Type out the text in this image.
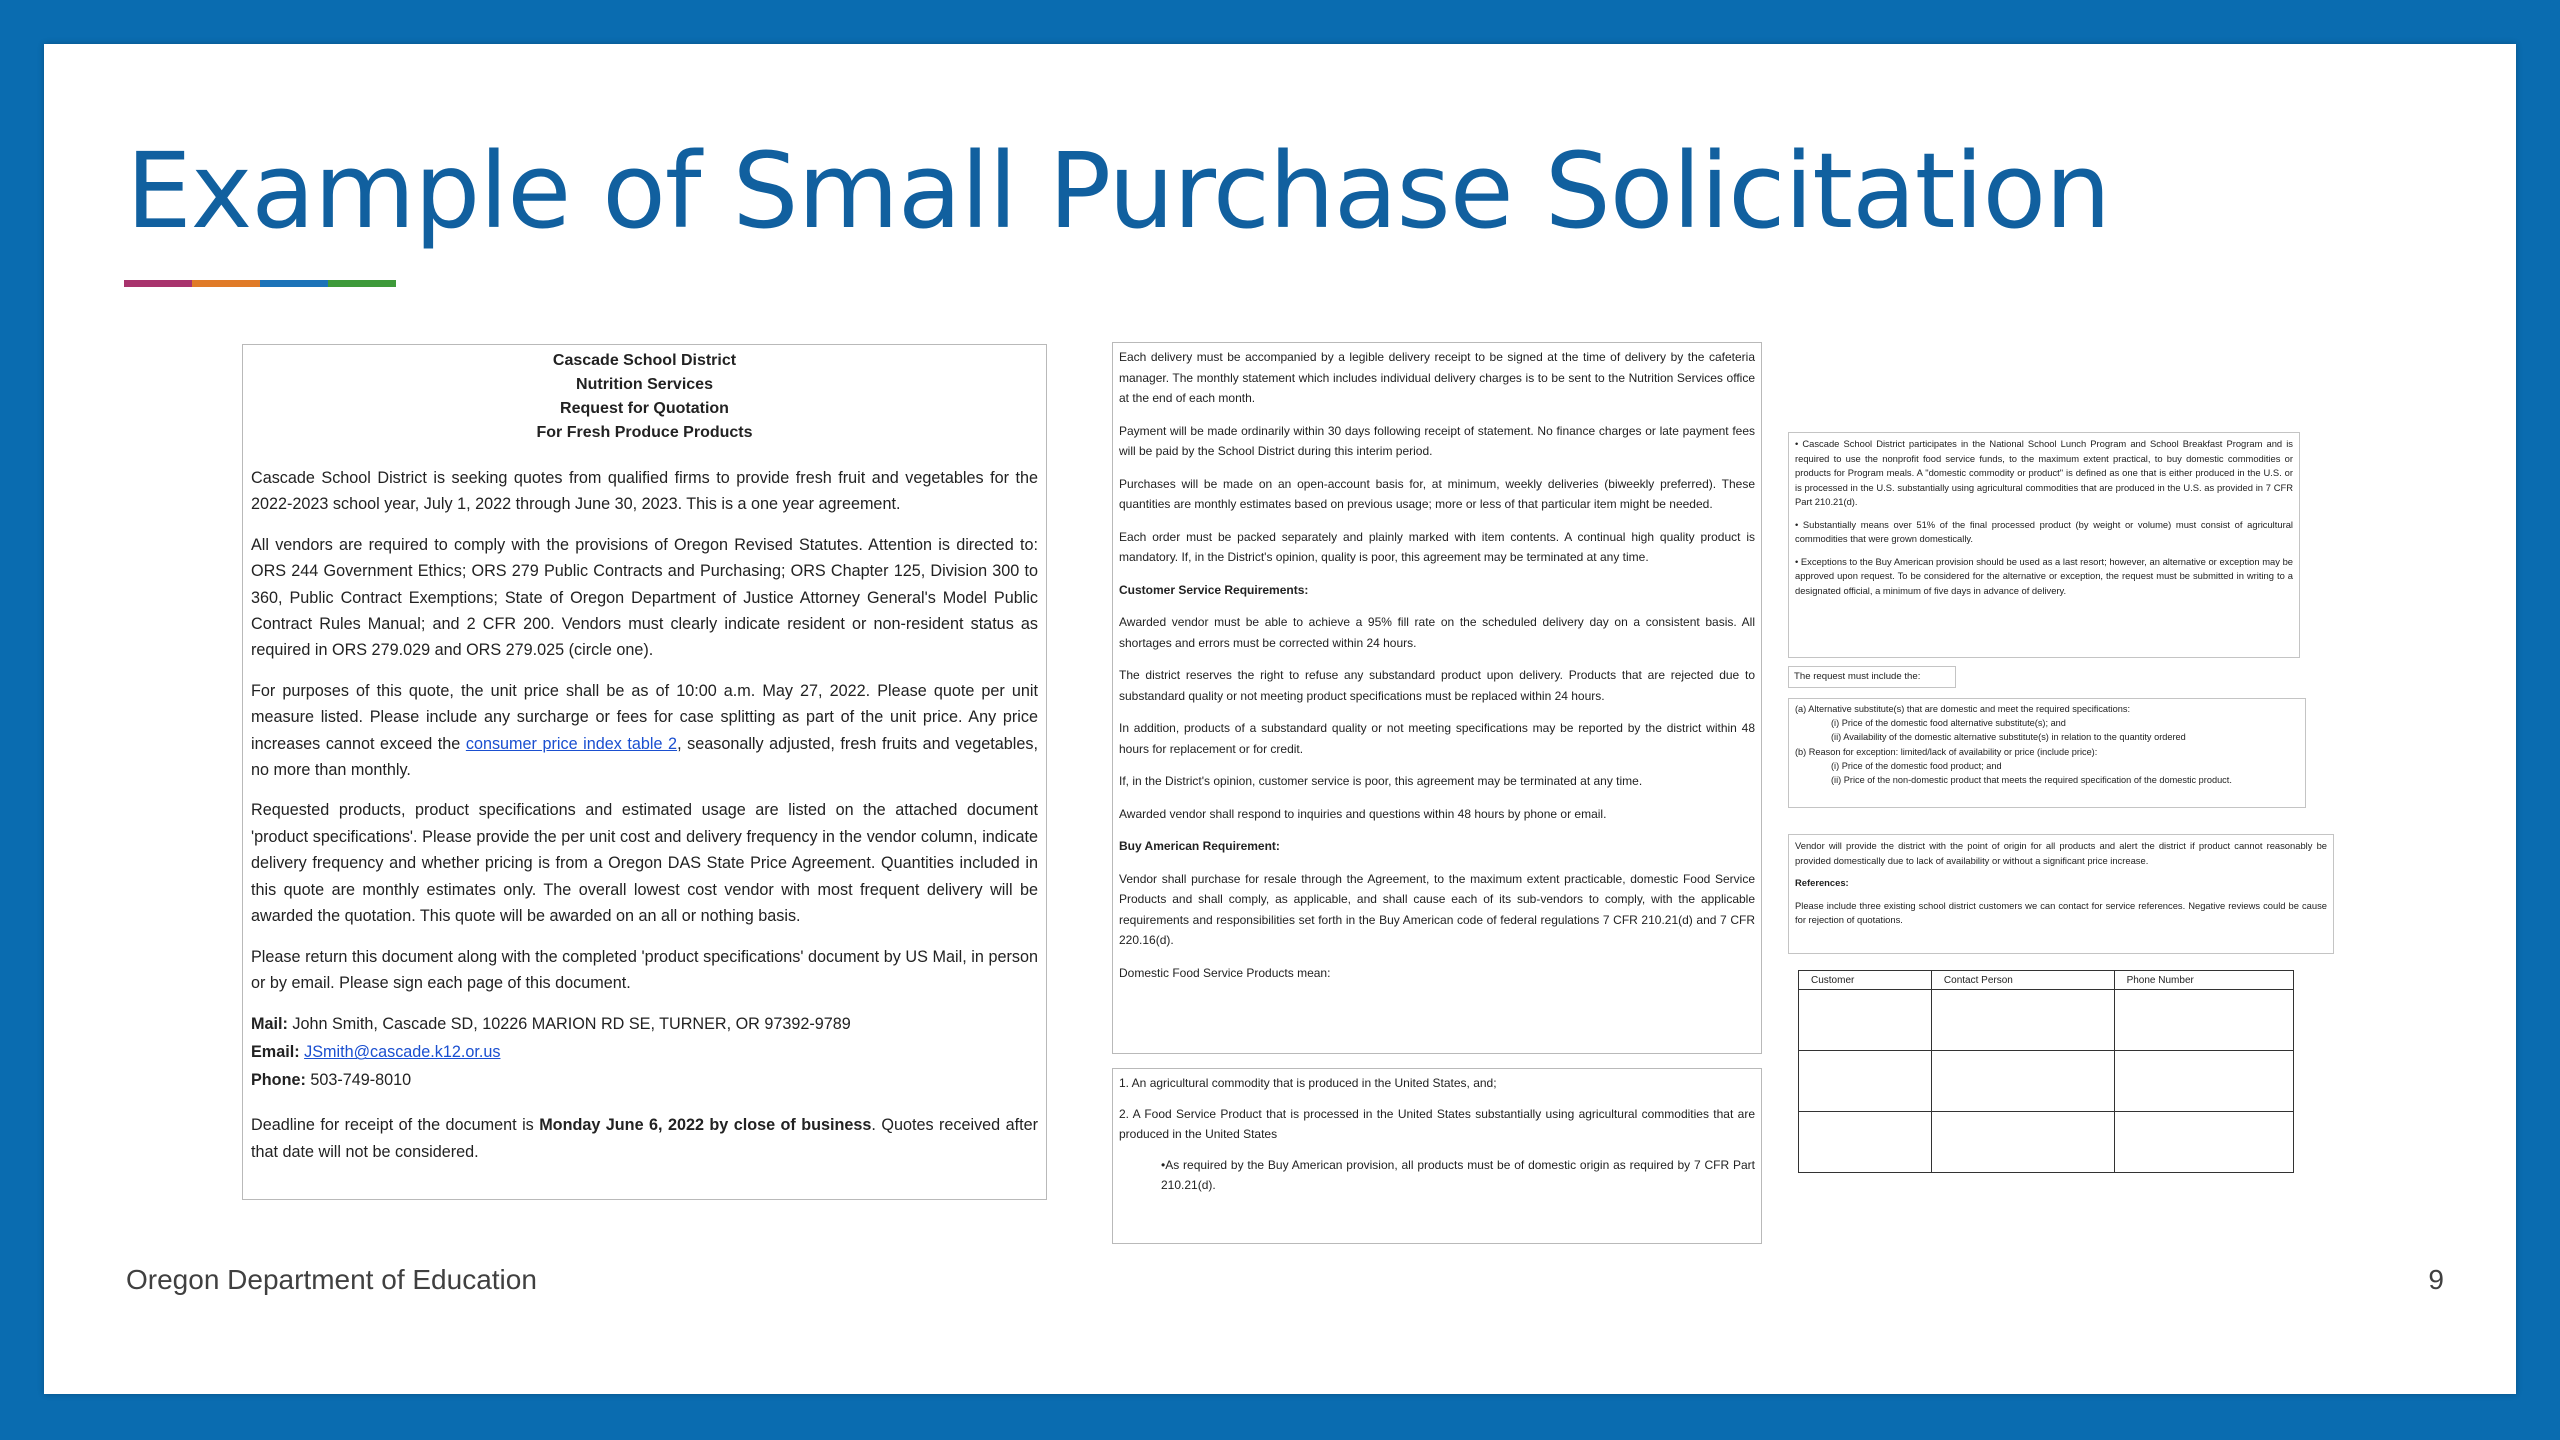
Example of Small Purchase Solicitation
Cascade School District
Nutrition Services
Request for Quotation
For Fresh Produce Products

Cascade School District is seeking quotes from qualified firms to provide fresh fruit and vegetables for the 2022-2023 school year, July 1, 2022 through June 30, 2023. This is a one year agreement.

All vendors are required to comply with the provisions of Oregon Revised Statutes. Attention is directed to: ORS 244 Government Ethics; ORS 279 Public Contracts and Purchasing; ORS Chapter 125, Division 300 to 360, Public Contract Exemptions; State of Oregon Department of Justice Attorney General's Model Public Contract Rules Manual; and 2 CFR 200. Vendors must clearly indicate resident or non-resident status as required in ORS 279.029 and ORS 279.025 (circle one).

For purposes of this quote, the unit price shall be as of 10:00 a.m. May 27, 2022. Please quote per unit measure listed. Please include any surcharge or fees for case splitting as part of the unit price. Any price increases cannot exceed the consumer price index table 2, seasonally adjusted, fresh fruits and vegetables, no more than monthly.

Requested products, product specifications and estimated usage are listed on the attached document 'product specifications'. Please provide the per unit cost and delivery frequency in the vendor column, indicate delivery frequency and whether pricing is from a Oregon DAS State Price Agreement. Quantities included in this quote are monthly estimates only. The overall lowest cost vendor with most frequent delivery will be awarded the quotation. This quote will be awarded on an all or nothing basis.

Please return this document along with the completed 'product specifications' document by US Mail, in person or by email. Please sign each page of this document.

Mail: John Smith, Cascade SD, 10226 MARION RD SE, TURNER, OR 97392-9789
Email: JSmith@cascade.k12.or.us
Phone: 503-749-8010

Deadline for receipt of the document is Monday June 6, 2022 by close of business. Quotes received after that date will not be considered.

Each delivery must be accompanied by a legible delivery receipt to be signed at the time of delivery by the cafeteria manager. The monthly statement which includes individual delivery charges is to be sent to the Nutrition Services office at the end of each month.

Payment will be made ordinarily within 30 days following receipt of statement. No finance charges or late payment fees will be paid by the School District during this interim period.

Purchases will be made on an open-account basis for, at minimum, weekly deliveries (biweekly preferred). These quantities are monthly estimates based on previous usage; more or less of that particular item might be needed.

Each order must be packed separately and plainly marked with item contents. A continual high quality product is mandatory. If, in the District's opinion, quality is poor, this agreement may be terminated at any time.

Customer Service Requirements:

Awarded vendor must be able to achieve a 95% fill rate on the scheduled delivery day on a consistent basis. All shortages and errors must be corrected within 24 hours.

The district reserves the right to refuse any substandard product upon delivery. Products that are rejected due to substandard quality or not meeting product specifications must be replaced within 24 hours.

In addition, products of a substandard quality or not meeting specifications may be reported by the district within 48 hours for replacement or for credit.

If, in the District's opinion, customer service is poor, this agreement may be terminated at any time.

Awarded vendor shall respond to inquiries and questions within 48 hours by phone or email.

Buy American Requirement:

Vendor shall purchase for resale through the Agreement, to the maximum extent practicable, domestic Food Service Products and shall comply, as applicable, and shall cause each of its sub-vendors to comply, with the applicable requirements and responsibilities set forth in the Buy American code of federal regulations 7 CFR 210.21(d) and 7 CFR 220.16(d).

Domestic Food Service Products mean:

1. An agricultural commodity that is produced in the United States, and;

2. A Food Service Product that is processed in the United States substantially using agricultural commodities that are produced in the United States

•As required by the Buy American provision, all products must be of domestic origin as required by 7 CFR Part 210.21(d).

• Cascade School District participates in the National School Lunch Program and School Breakfast Program and is required to use the nonprofit food service funds, to the maximum extent practical, to buy domestic commodities or products for Program meals. A "domestic commodity or product" is defined as one that is either produced in the U.S. or is processed in the U.S. substantially using agricultural commodities that are produced in the U.S. as provided in 7 CFR Part 210.21(d).

• Substantially means over 51% of the final processed product (by weight or volume) must consist of agricultural commodities that were grown domestically.

• Exceptions to the Buy American provision should be used as a last resort; however, an alternative or exception may be approved upon request. To be considered for the alternative or exception, the request must be submitted in writing to a designated official, a minimum of five days in advance of delivery.

The request must include the:
(a) Alternative substitute(s) that are domestic and meet the required specifications:
(i) Price of the domestic food alternative substitute(s); and
(ii) Availability of the domestic alternative substitute(s) in relation to the quantity ordered
(b) Reason for exception: limited/lack of availability or price (include price):
(i) Price of the domestic food product; and
(ii) Price of the non-domestic product that meets the required specification of the domestic product.

Vendor will provide the district with the point of origin for all products and alert the district if product cannot reasonably be provided domestically due to lack of availability or without a significant price increase.

References:

Please include three existing school district customers we can contact for service references. Negative reviews could be cause for rejection of quotations.

Customer	Contact Person	Phone Number

Oregon Department of Education	9
